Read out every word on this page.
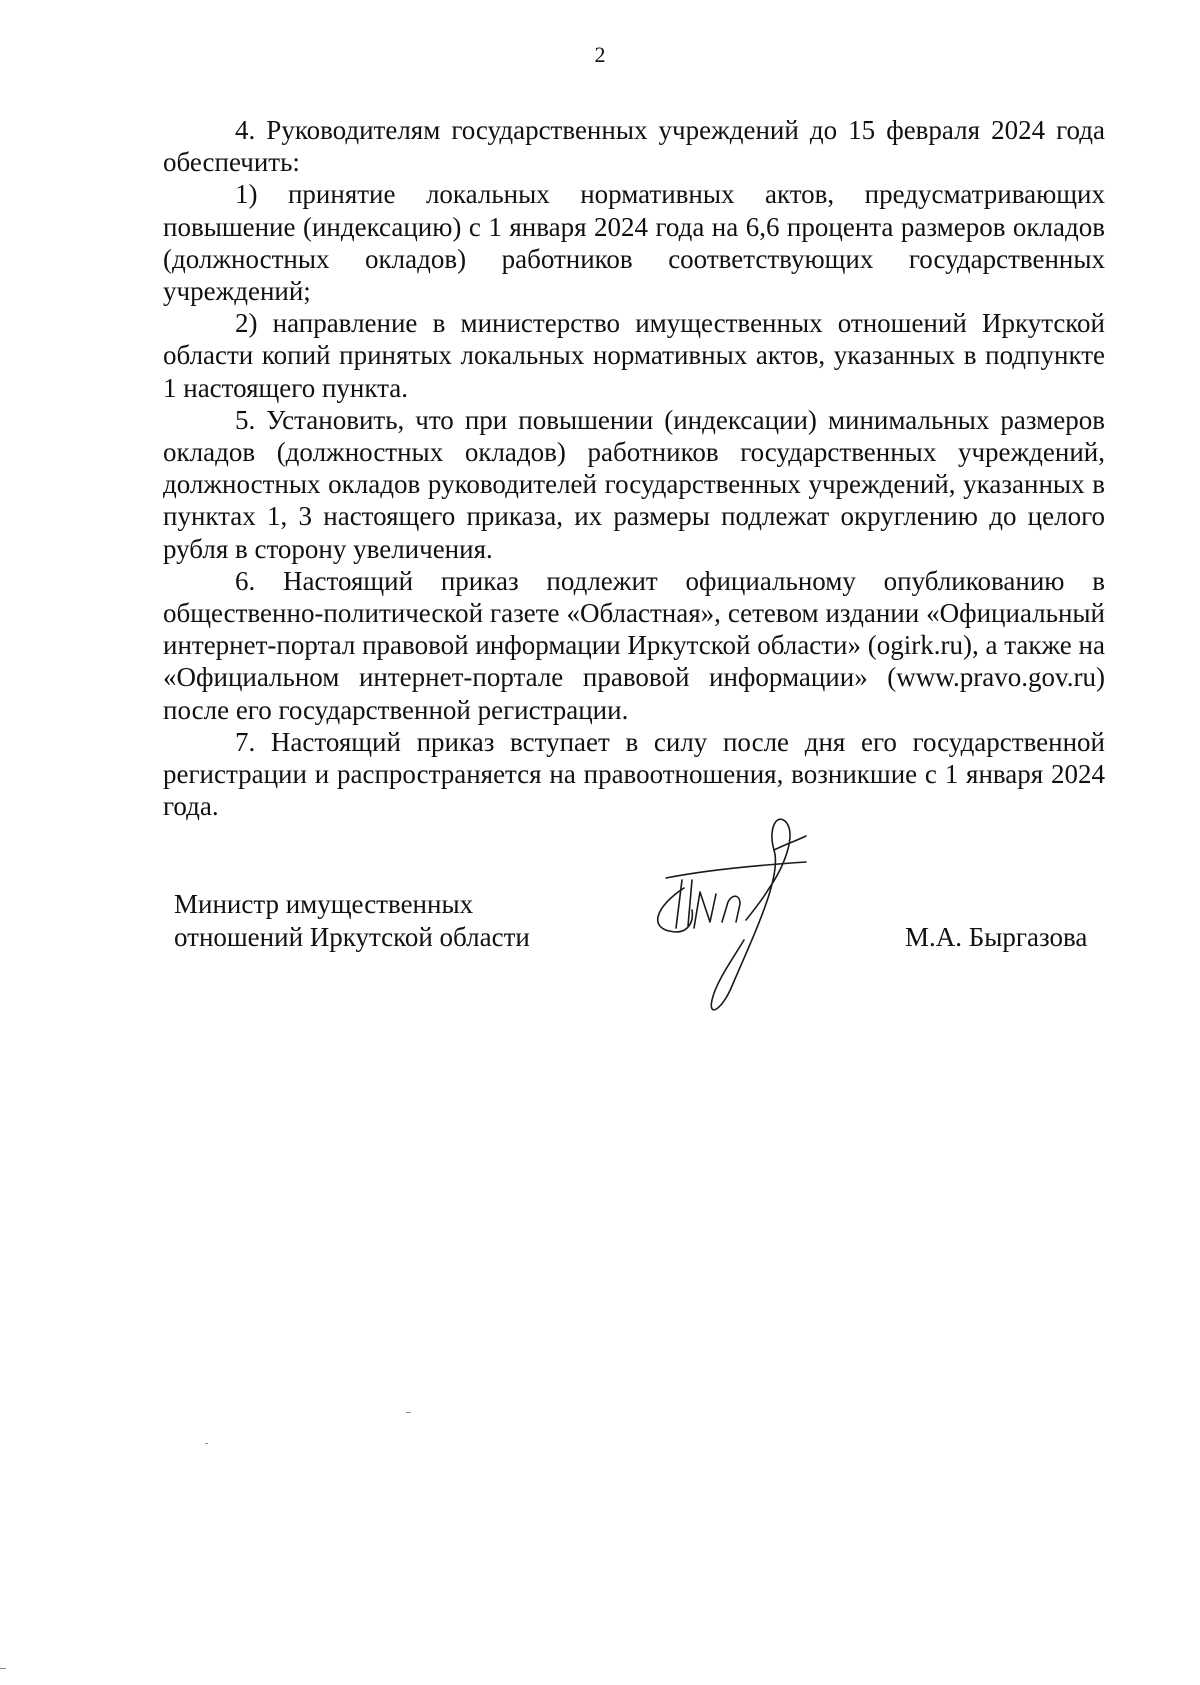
2

4. Руководителям государственных учреждений до 15 февраля 2024 года обеспечить:

1) принятие локальных нормативных актов, предусматривающих повышение (индексацию) с 1 января 2024 года на 6,6 процента размеров окладов (должностных окладов) работников соответствующих государственных учреждений;

2) направление в министерство имущественных отношений Иркутской области копий принятых локальных нормативных актов, указанных в подпункте 1 настоящего пункта.

5. Установить, что при повышении (индексации) минимальных размеров окладов (должностных окладов) работников государственных учреждений, должностных окладов руководителей государственных учреждений, указанных в пунктах 1, 3 настоящего приказа, их размеры подлежат округлению до целого рубля в сторону увеличения.

6. Настоящий приказ подлежит официальному опубликованию в общественно-политической газете «Областная», сетевом издании «Официальный интернет-портал правовой информации Иркутской области» (ogirk.ru), а также на «Официальном интернет-портале правовой информации» (www.pravo.gov.ru) после его государственной регистрации.

7. Настоящий приказ вступает в силу после дня его государственной регистрации и распространяется на правоотношения, возникшие с 1 января 2024 года.

Министр имущественных
отношений Иркутской области	М.А. Быргазова
